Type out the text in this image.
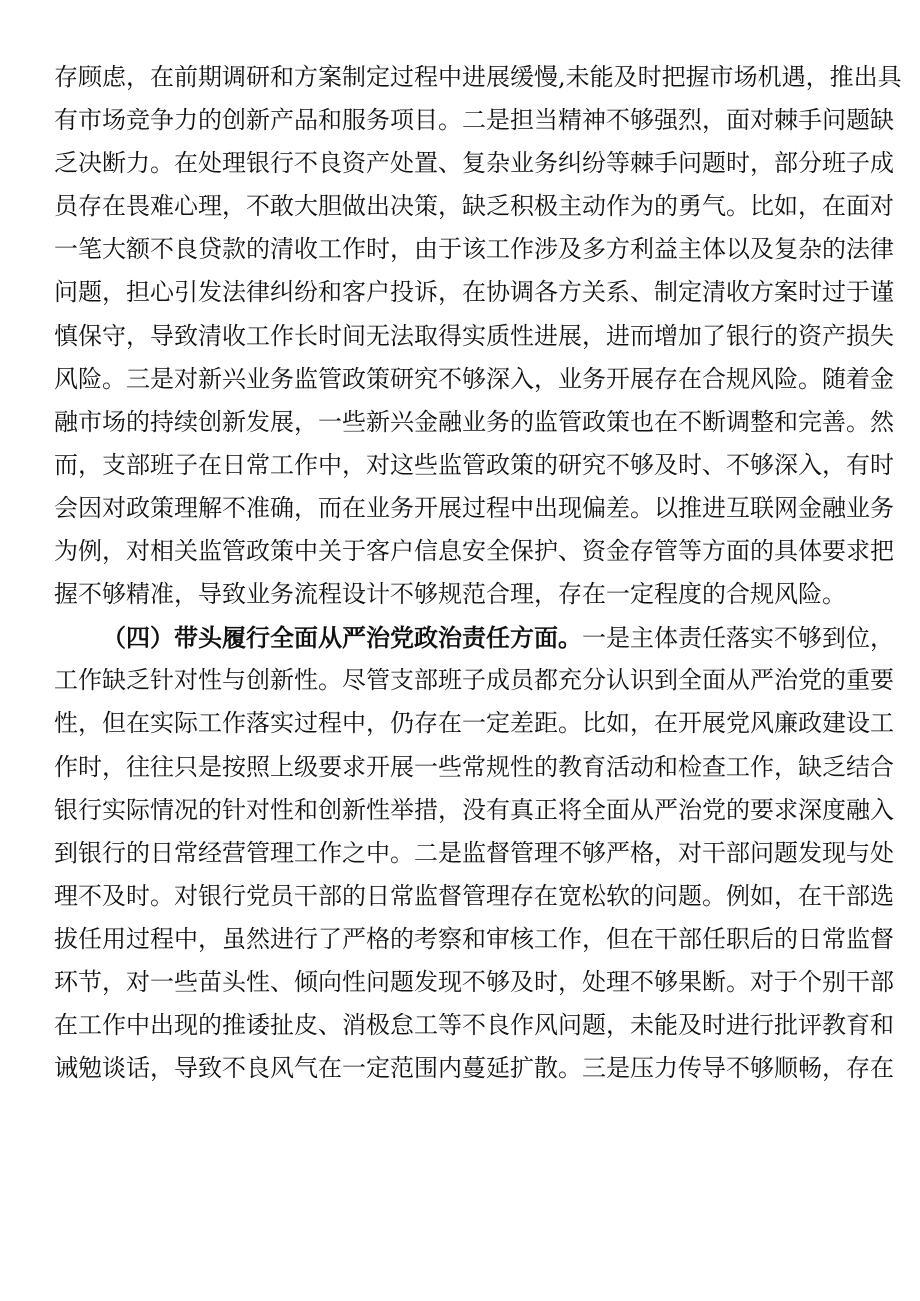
存顾虑，在前期调研和方案制定过程中进展缓慢,未能及时把握市场机遇，推出具
有市场竞争力的创新产品和服务项目。二是担当精神不够强烈，面对棘手问题缺
乏决断力。在处理银行不良资产处置、复杂业务纠纷等棘手问题时，部分班子成
员存在畏难心理，不敢大胆做出决策，缺乏积极主动作为的勇气。比如，在面对
一笔大额不良贷款的清收工作时，由于该工作涉及多方利益主体以及复杂的法律
问题，担心引发法律纠纷和客户投诉，在协调各方关系、制定清收方案时过于谨
慎保守，导致清收工作长时间无法取得实质性进展，进而增加了银行的资产损失
风险。三是对新兴业务监管政策研究不够深入，业务开展存在合规风险。随着金
融市场的持续创新发展，一些新兴金融业务的监管政策也在不断调整和完善。然
而，支部班子在日常工作中，对这些监管政策的研究不够及时、不够深入，有时
会因对政策理解不准确，而在业务开展过程中出现偏差。以推进互联网金融业务
为例，对相关监管政策中关于客户信息安全保护、资金存管等方面的具体要求把
握不够精准，导致业务流程设计不够规范合理，存在一定程度的合规风险。
（四）带头履行全面从严治党政治责任方面。一是主体责任落实不够到位，
工作缺乏针对性与创新性。尽管支部班子成员都充分认识到全面从严治党的重要
性，但在实际工作落实过程中，仍存在一定差距。比如，在开展党风廉政建设工
作时，往往只是按照上级要求开展一些常规性的教育活动和检查工作，缺乏结合
银行实际情况的针对性和创新性举措，没有真正将全面从严治党的要求深度融入
到银行的日常经营管理工作之中。二是监督管理不够严格，对干部问题发现与处
理不及时。对银行党员干部的日常监督管理存在宽松软的问题。例如，在干部选
拔任用过程中，虽然进行了严格的考察和审核工作，但在干部任职后的日常监督
环节，对一些苗头性、倾向性问题发现不够及时，处理不够果断。对于个别干部
在工作中出现的推诿扯皮、消极怠工等不良作风问题，未能及时进行批评教育和
诫勉谈话，导致不良风气在一定范围内蔓延扩散。三是压力传导不够顺畅，存在
